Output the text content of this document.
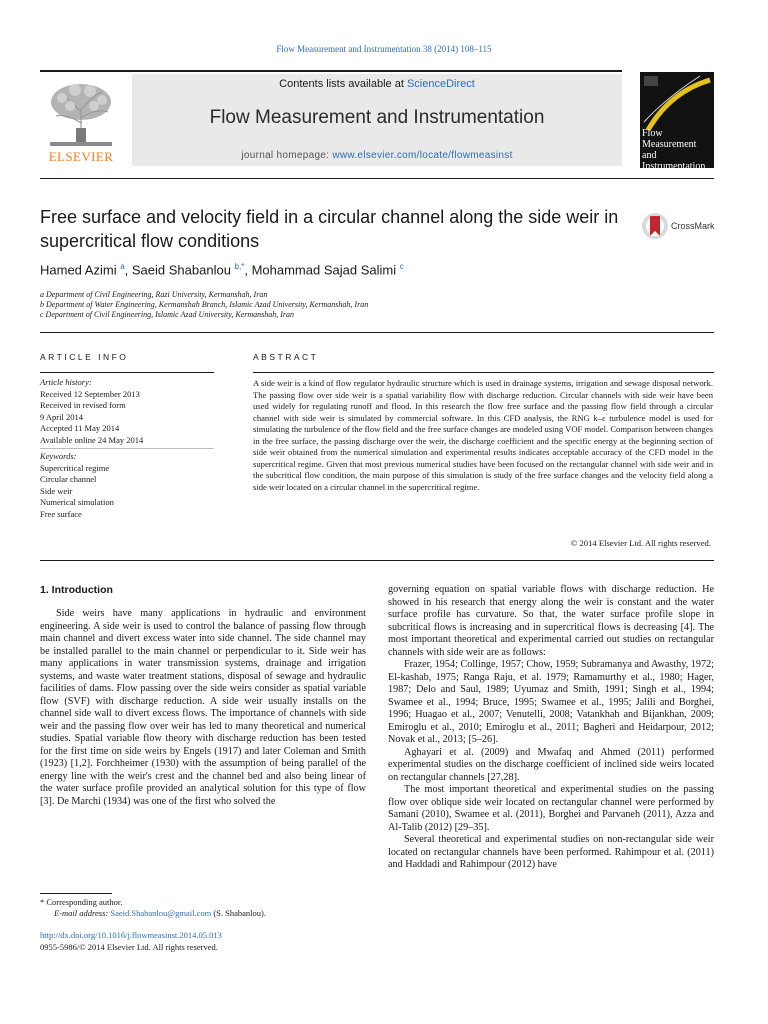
Flow Measurement and Instrumentation 38 (2014) 108–115
ELSEVIER
Contents lists available at ScienceDirect
Flow Measurement and Instrumentation
journal homepage: www.elsevier.com/locate/flowmeasinst
Flow Measurement
and Instrumentation
Free surface and velocity field in a circular channel along the side weir in supercritical flow conditions
CrossMark
Hamed Azimi $^a$, Saeid Shabanlou $^{b,*}$, Mohammad Sajad Salimi $^c$
a Department of Civil Engineering, Razi University, Kermanshah, Iran
b Department of Water Engineering, Kermanshah Branch, Islamic Azad University, Kermanshah, Iran
c Department of Civil Engineering, Islamic Azad University, Kermanshah, Iran
ARTICLE INFO
Article history:
Received 12 September 2013
Received in revised form
9 April 2014
Accepted 11 May 2014
Available online 24 May 2014
Keywords:
Supercritical regime
Circular channel
Side weir
Numerical simulation
Free surface
ABSTRACT
A side weir is a kind of flow regulator hydraulic structure which is used in drainage systems, irrigation and sewage disposal network. The passing flow over side weir is a spatial variability flow with discharge reduction. Circular channels with side weir have been used widely for regulating runoff and flood. In this research the flow free surface and the passing flow field through a circular channel with side weir is simulated by commercial software. In this CFD analysis, the RNG k–ε turbulence model is used for simulating the turbulence of the flow field and the free surface changes are modeled using VOF model. Comparison between changes in the free surface, the passing discharge over the weir, the discharge coefficient and the specific energy at the beginning section of side weir obtained from the numerical simulation and experimental results indicates acceptable accuracy of the CFD model in the supercritical regime. Given that most previous numerical studies have been focused on the rectangular channel with side weir and in the subcritical flow condition, the main purpose of this simulation is study of the free surface changes and the velocity field along a side weir located on a circular channel in the supercritical regime.
© 2014 Elsevier Ltd. All rights reserved.
1. Introduction

Side weirs have many applications in hydraulic and environment engineering. A side weir is used to control the balance of passing flow through main channel and divert excess water into side channel. The side channel may be installed parallel to the main channel or perpendicular to it. Side weir has many applications in water transmission systems, drainage and irrigation systems, and waste water treatment stations, disposal of sewage and hydraulic facilities of dams. Flow passing over the side weirs consider as spatial variable flow (SVF) with discharge reduction. A side weir usually installs on the channel side wall to divert excess flows. The importance of channels with side weir and the passing flow over weir has led to many theoretical and numerical studies. Spatial variable flow theory with discharge reduction has been tested for the first time on side weirs by Engels (1917) and later Coleman and Smith (1923) [1,2]. Forchheimer (1930) with the assumption of being parallel of the energy line with the weir's crest and the channel bed and also being linear of the water surface profile provided an analytical solution for this type of flow [3]. De Marchi (1934) was one of the first who solved the

governing equation on spatial variable flows with discharge reduction. He showed in his research that energy along the weir is constant and the water surface profile has curvature. So that, the water surface profile slope in subcritical flows is increasing and in supercritical flows is decreasing [4]. The most important theoretical and experimental carried out studies on rectangular channels with side weir are as follows:

Frazer, 1954; Collinge, 1957; Chow, 1959; Subramanya and Awasthy, 1972; El-kashab, 1975; Ranga Raju, et al. 1979; Ramamurthy et al., 1980; Hager, 1987; Delo and Saul, 1989; Uyumaz and Smith, 1991; Singh et al., 1994; Swamee et al., 1994; Bruce, 1995; Swamee et al., 1995; Jalili and Borghei, 1996; Huagao et al., 2007; Venutelli, 2008; Vatankhah and Bijankhan, 2009; Emiroglu et al., 2010; Emiroglu et al., 2011; Bagheri and Heidarpour, 2012; Novak et al., 2013; [5–26].

Aghayari et al. (2009) and Mwafaq and Ahmed (2011) performed experimental studies on the discharge coefficient of inclined side weirs located on rectangular channels [27,28].

The most important theoretical and experimental studies on the passing flow over oblique side weir located on rectangular channel were performed by Samani (2010), Swamee et al. (2011), Borghei and Parvaneh (2011), Azza and Al-Talib (2012) [29–35].

Several theoretical and experimental studies on non-rectangular side weir located on rectangular channels have been performed. Rahimpour et al. (2011) and Haddadi and Rahimpour (2012) have

* Corresponding author.
E-mail address: Saeid.Shabanlou@gmail.com (S. Shabanlou).
http://dx.doi.org/10.1016/j.flowmeasinst.2014.05.013
0955-5986/© 2014 Elsevier Ltd. All rights reserved.
